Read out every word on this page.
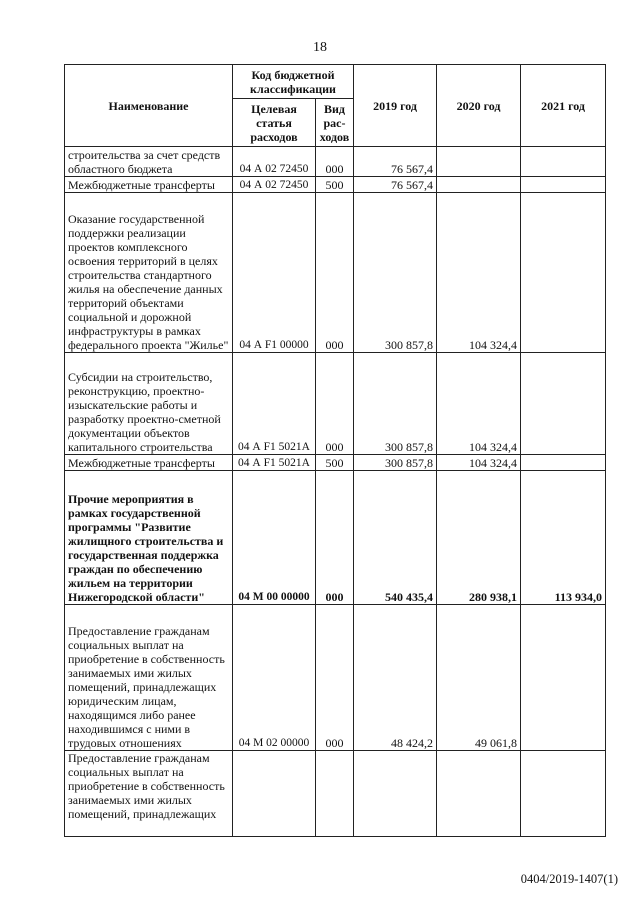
18
Наименование	Код бюджетной классификации		2019 год	2020 год	2021 год
	Целевая статья расходов	Вид рас-ходов			
строительства за счет средств областного бюджета	04 А 02 72450	000	76 567,4		
Межбюджетные трансферты	04 А 02 72450	500	76 567,4		
Оказание государственной поддержки реализации проектов комплексного освоения территорий в целях строительства стандартного жилья на обеспечение данных территорий объектами социальной и дорожной инфраструктуры в рамках федерального проекта "Жилье"	04 А F1 00000	000	300 857,8	104 324,4	
Субсидии на строительство, реконструкцию, проектно-изыскательские работы и разработку проектно-сметной документации объектов капитального строительства	04 А F1 5021А	000	300 857,8	104 324,4	
Межбюджетные трансферты	04 А F1 5021А	500	300 857,8	104 324,4	
Прочие мероприятия в рамках государственной программы "Развитие жилищного строительства и государственная поддержка граждан по обеспечению жильем на территории Нижегородской области"	04 М 00 00000	000	540 435,4	280 938,1	113 934,0
Предоставление гражданам социальных выплат на приобретение в собственность занимаемых ими жилых помещений, принадлежащих юридическим лицам, находящимся либо ранее находившимся с ними в трудовых отношениях	04 М 02 00000	000	48 424,2	49 061,8	
Предоставление гражданам социальных выплат на приобретение в собственность занимаемых ими жилых помещений, принадлежащих					
0404/2019-1407(1)
